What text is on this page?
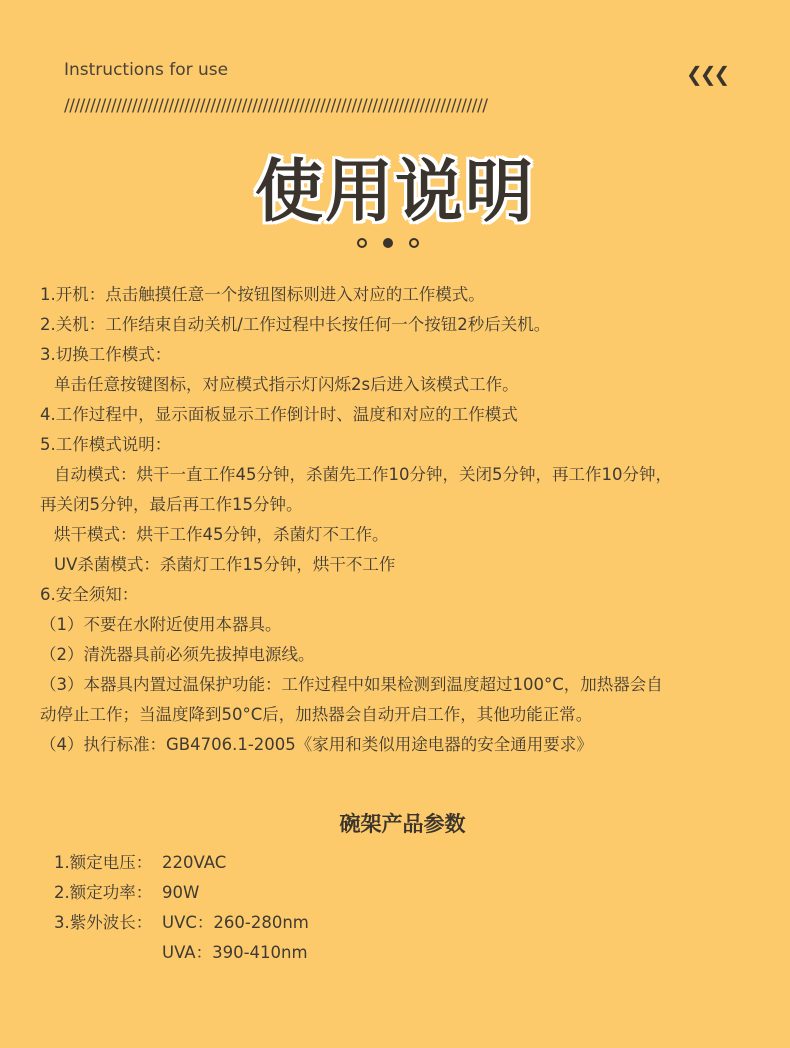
Instructions for use	❮❮❮
/////////////////////////////////////////////////////////////////////////////////
使用说明
1.开机：点击触摸任意一个按钮图标则进入对应的工作模式。
2.关机：工作结束自动关机/工作过程中长按任何一个按钮2秒后关机。
3.切换工作模式：
单击任意按键图标，对应模式指示灯闪烁2s后进入该模式工作。
4.工作过程中，显示面板显示工作倒计时、温度和对应的工作模式
5.工作模式说明：
自动模式：烘干一直工作45分钟，杀菌先工作10分钟，关闭5分钟，再工作10分钟，
再关闭5分钟，最后再工作15分钟。
烘干模式：烘干工作45分钟，杀菌灯不工作。
UV杀菌模式：杀菌灯工作15分钟，烘干不工作
6.安全须知：
（1）不要在水附近使用本器具。
（2）清洗器具前必须先拔掉电源线。
（3）本器具内置过温保护功能：工作过程中如果检测到温度超过100°C，加热器会自
动停止工作；当温度降到50°C后，加热器会自动开启工作，其他功能正常。
（4）执行标准：GB4706.1-2005《家用和类似用途电器的安全通用要求》
碗架产品参数
1.额定电压： 220VAC
2.额定功率： 90W
3.紫外波长： UVC：260-280nm
UVA：390-410nm
